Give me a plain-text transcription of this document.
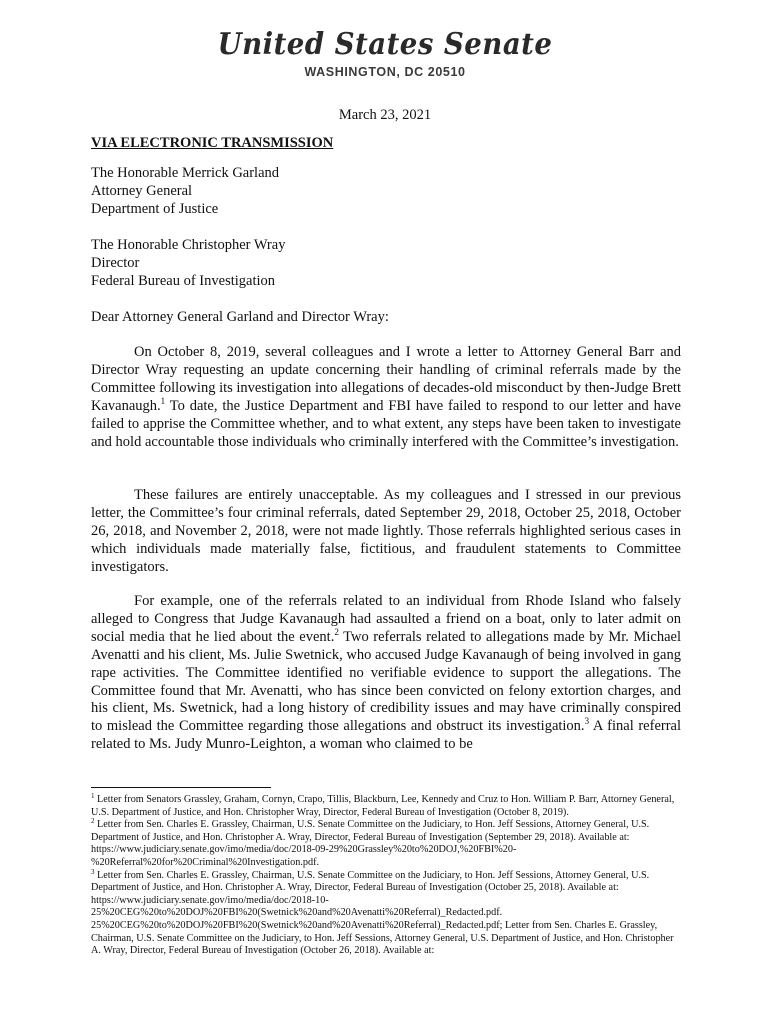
United States Senate
WASHINGTON, DC 20510
March 23, 2021
VIA ELECTRONIC TRANSMISSION
The Honorable Merrick Garland
Attorney General
Department of Justice
The Honorable Christopher Wray
Director
Federal Bureau of Investigation
Dear Attorney General Garland and Director Wray:

On October 8, 2019, several colleagues and I wrote a letter to Attorney General Barr and Director Wray requesting an update concerning their handling of criminal referrals made by the Committee following its investigation into allegations of decades-old misconduct by then-Judge Brett Kavanaugh.$^1$ To date, the Justice Department and FBI have failed to respond to our letter and have failed to apprise the Committee whether, and to what extent, any steps have been taken to investigate and hold accountable those individuals who criminally interfered with the Committee’s investigation.

These failures are entirely unacceptable. As my colleagues and I stressed in our previous letter, the Committee’s four criminal referrals, dated September 29, 2018, October 25, 2018, October 26, 2018, and November 2, 2018, were not made lightly. Those referrals highlighted serious cases in which individuals made materially false, fictitious, and fraudulent statements to Committee investigators.

For example, one of the referrals related to an individual from Rhode Island who falsely alleged to Congress that Judge Kavanaugh had assaulted a friend on a boat, only to later admit on social media that he lied about the event.$^2$ Two referrals related to allegations made by Mr. Michael Avenatti and his client, Ms. Julie Swetnick, who accused Judge Kavanaugh of being involved in gang rape activities. The Committee identified no verifiable evidence to support the allegations. The Committee found that Mr. Avenatti, who has since been convicted on felony extortion charges, and his client, Ms. Swetnick, had a long history of credibility issues and may have criminally conspired to mislead the Committee regarding those allegations and obstruct its investigation.$^3$ A final referral related to Ms. Judy Munro-Leighton, a woman who claimed to be

$^1$ Letter from Senators Grassley, Graham, Cornyn, Crapo, Tillis, Blackburn, Lee, Kennedy and Cruz to Hon. William P. Barr, Attorney General, U.S. Department of Justice, and Hon. Christopher Wray, Director, Federal Bureau of Investigation (October 8, 2019).

$^2$ Letter from Sen. Charles E. Grassley, Chairman, U.S. Senate Committee on the Judiciary, to Hon. Jeff Sessions, Attorney General, U.S. Department of Justice, and Hon. Christopher A. Wray, Director, Federal Bureau of Investigation (September 29, 2018). Available at: https://www.judiciary.senate.gov/imo/media/doc/2018-09-29%20Grassley%20to%20DOJ,%20FBI%20-%20Referral%20for%20Criminal%20Investigation.pdf.

$^3$ Letter from Sen. Charles E. Grassley, Chairman, U.S. Senate Committee on the Judiciary, to Hon. Jeff Sessions, Attorney General, U.S. Department of Justice, and Hon. Christopher A. Wray, Director, Federal Bureau of Investigation (October 25, 2018). Available at: https://www.judiciary.senate.gov/imo/media/doc/2018-10-25%20CEG%20to%20DOJ%20FBI%20(Swetnick%20and%20Avenatti%20Referral)_Redacted.pdf. 25%20CEG%20to%20DOJ%20FBI%20(Swetnick%20and%20Avenatti%20Referral)_Redacted.pdf; Letter from Sen. Charles E. Grassley, Chairman, U.S. Senate Committee on the Judiciary, to Hon. Jeff Sessions, Attorney General, U.S. Department of Justice, and Hon. Christopher A. Wray, Director, Federal Bureau of Investigation (October 26, 2018). Available at:
